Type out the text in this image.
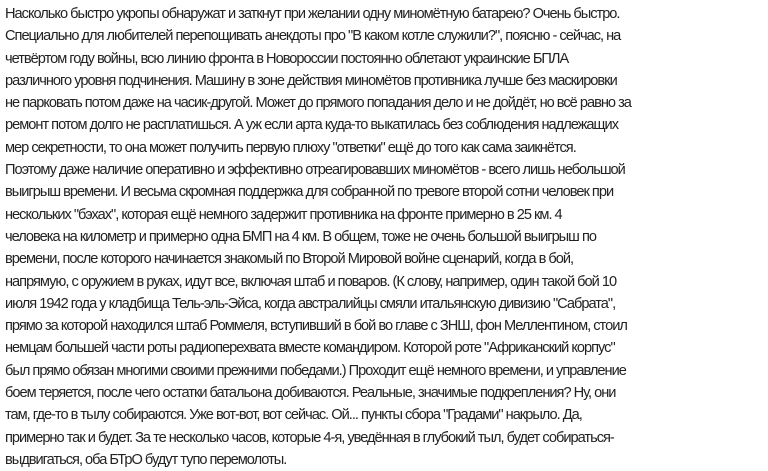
Насколько быстро укропы обнаружат и заткнут при желании одну миномётную батарею? Очень быстро.
Специально для любителей перепощивать анекдоты про "В каком котле служили?", поясню - сейчас, на
четвёртом году войны, всю линию фронта в Новороссии постоянно облетают украинские БПЛА
различного уровня подчинения. Машину в зоне действия миномётов противника лучше без маскировки
не парковать потом даже на часик-другой. Может до прямого попадания дело и не дойдёт, но всё равно за
ремонт потом долго не расплатишься. А уж если арта куда-то выкатилась без соблюдения надлежащих
мер секретности, то она может получить первую плюху "ответки" ещё до того как сама заикнётся.
Поэтому даже наличие оперативно и эффективно отреагировавших миномётов - всего лишь небольшой
выигрыш времени. И весьма скромная поддержка для собранной по тревоге второй сотни человек при
нескольких "бэхах", которая ещё немного задержит противника на фронте примерно в 25 км. 4
человека на километр и примерно одна БМП на 4 км. В общем, тоже не очень большой выигрыш по
времени, после которого начинается знакомый по Второй Мировой войне сценарий, когда в бой,
напрямую, с оружием в руках, идут все, включая штаб и поваров. (К слову, например, один такой бой 10
июля 1942 года у кладбища Тель-эль-Эйса, когда австралийцы смяли итальянскую дивизию "Сабрата",
прямо за которой находился штаб Роммеля, вступивший в бой во главе с ЗНШ, фон Меллентином, стоил
немцам большей части роты радиоперехвата вместе командиром. Которой роте "Африканский корпус"
был прямо обязан многими своими прежними победами.) Проходит ещё немного времени, и управление
боем теряется, после чего остатки батальона добиваются. Реальные, значимые подкрепления? Ну, они
там, где-то в тылу собираются. Уже вот-вот, вот сейчас. Ой... пункты сбора "Градами" накрыло. Да,
примерно так и будет. За те несколько часов, которые 4-я, уведённая в глубокий тыл, будет собираться-
выдвигаться, оба БТрО будут тупо перемолоты.
